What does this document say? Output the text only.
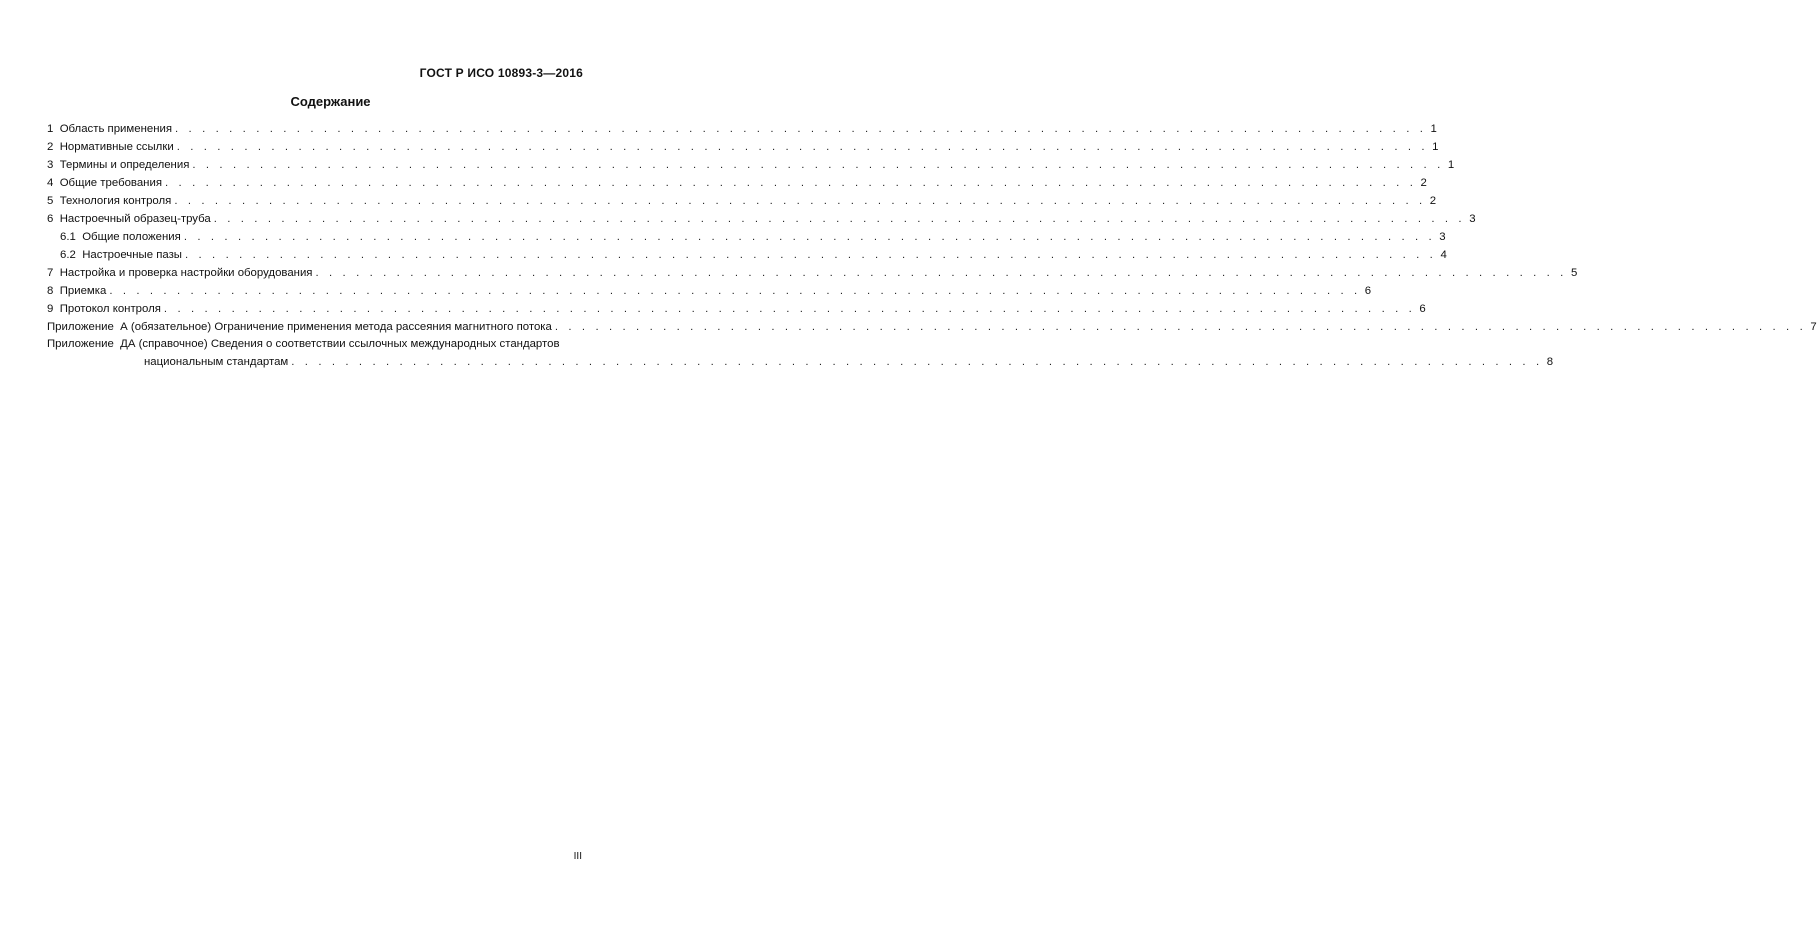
ГОСТ Р ИСО 10893-3—2016
Содержание
1
Область применения . . . . . . . . . . . . . . . . . . . . . . . . . . . . . . . . . . . . . . . . . . . . . . . . . . . . . . . . . . . . . . . . . . . . . . . . . . . . . . . . . . . . . . . . . . . . . 1
2
Нормативные ссылки . . . . . . . . . . . . . . . . . . . . . . . . . . . . . . . . . . . . . . . . . . . . . . . . . . . . . . . . . . . . . . . . . . . . . . . . . . . . . . . . . . . . . . . . . . . . . 1
3
Термины и определения . . . . . . . . . . . . . . . . . . . . . . . . . . . . . . . . . . . . . . . . . . . . . . . . . . . . . . . . . . . . . . . . . . . . . . . . . . . . . . . . . . . . . . . . . . . . . 1
4
Общие требования . . . . . . . . . . . . . . . . . . . . . . . . . . . . . . . . . . . . . . . . . . . . . . . . . . . . . . . . . . . . . . . . . . . . . . . . . . . . . . . . . . . . . . . . . . . . . 2
5
Технология контроля . . . . . . . . . . . . . . . . . . . . . . . . . . . . . . . . . . . . . . . . . . . . . . . . . . . . . . . . . . . . . . . . . . . . . . . . . . . . . . . . . . . . . . . . . . . . . 2
6
Настроечный образец-труба . . . . . . . . . . . . . . . . . . . . . . . . . . . . . . . . . . . . . . . . . . . . . . . . . . . . . . . . . . . . . . . . . . . . . . . . . . . . . . . . . . . . . . . . . . . . . 3
6.1
Общие положения . . . . . . . . . . . . . . . . . . . . . . . . . . . . . . . . . . . . . . . . . . . . . . . . . . . . . . . . . . . . . . . . . . . . . . . . . . . . . . . . . . . . . . . . . . . . . 3
6.2
Настроечные пазы . . . . . . . . . . . . . . . . . . . . . . . . . . . . . . . . . . . . . . . . . . . . . . . . . . . . . . . . . . . . . . . . . . . . . . . . . . . . . . . . . . . . . . . . . . . . . 4
7
Настройка и проверка настройки оборудования . . . . . . . . . . . . . . . . . . . . . . . . . . . . . . . . . . . . . . . . . . . . . . . . . . . . . . . . . . . . . . . . . . . . . . . . . . . . . . . . . . . . . . . . . . . . . 5
8
Приемка . . . . . . . . . . . . . . . . . . . . . . . . . . . . . . . . . . . . . . . . . . . . . . . . . . . . . . . . . . . . . . . . . . . . . . . . . . . . . . . . . . . . . . . . . . . . . 6
9
Протокол контроля . . . . . . . . . . . . . . . . . . . . . . . . . . . . . . . . . . . . . . . . . . . . . . . . . . . . . . . . . . . . . . . . . . . . . . . . . . . . . . . . . . . . . . . . . . . . . 6
Приложение
А (обязательное) Ограничение применения метода рассеяния магнитного потока . . . . . . . . . . . . . . . . . . . . . . . . . . . . . . . . . . . . . . . . . . . . . . . . . . . . . . . . . . . . . . . . . . . . . . . . . . . . . . . . . . . . . . . . . . . . . 7
Приложение ДА (справочное) Сведения о соответствии ссылочных международных стандартов
национальным стандартам . . . . . . . . . . . . . . . . . . . . . . . . . . . . . . . . . . . . . . . . . . . . . . . . . . . . . . . . . . . . . . . . . . . . . . . . . . . . . . . . . . . . . . . . . . . . . 8
III
